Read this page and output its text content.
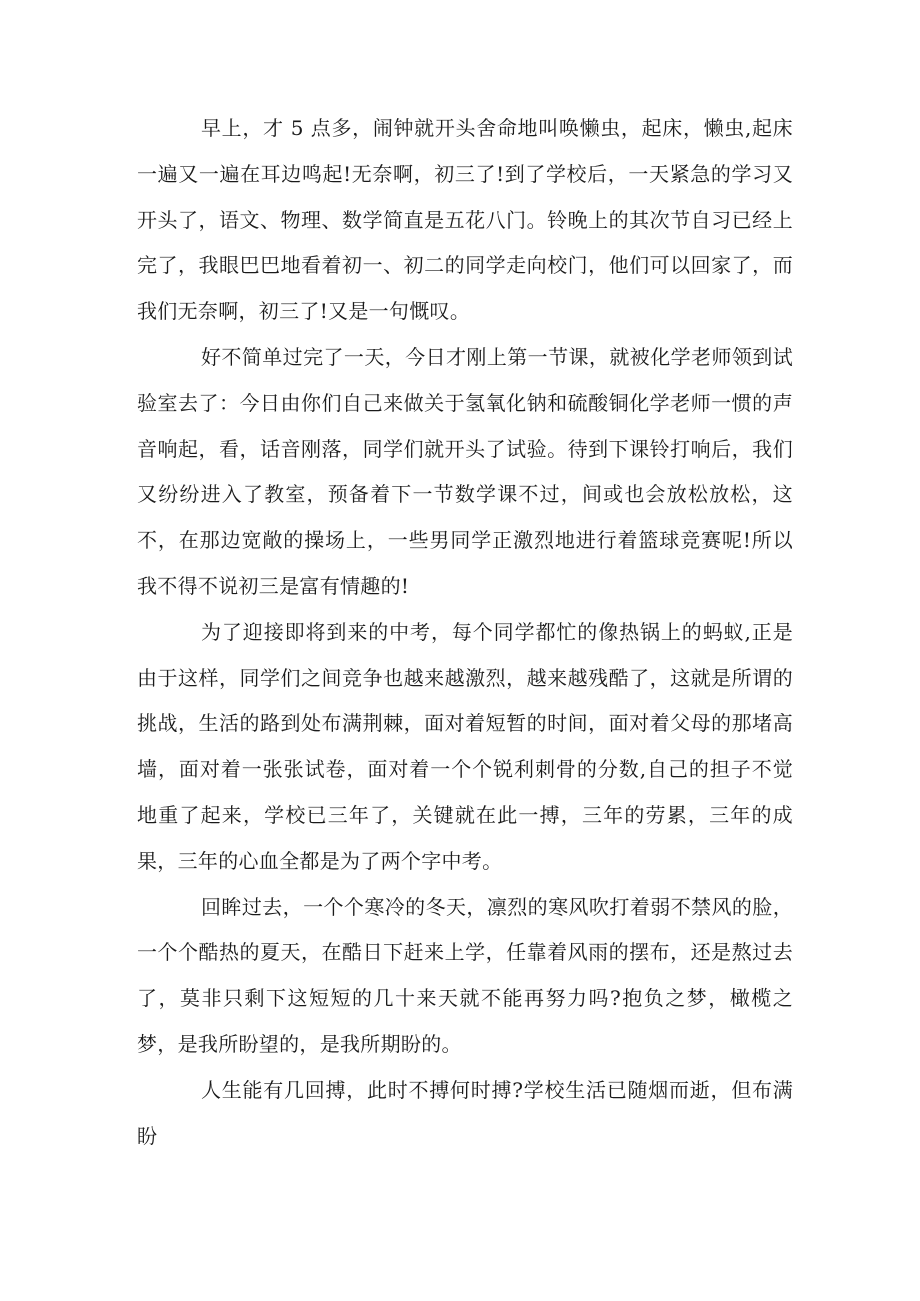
早上，才 5 点多，闹钟就开头舍命地叫唤懒虫，起床，懒虫,起床一遍又一遍在耳边鸣起!无奈啊，初三了!到了学校后，一天紧急的学习又开头了，语文、物理、数学简直是五花八门。铃晚上的其次节自习已经上完了，我眼巴巴地看着初一、初二的同学走向校门，他们可以回家了，而我们无奈啊，初三了!又是一句慨叹。

好不简单过完了一天，今日才刚上第一节课，就被化学老师领到试验室去了：今日由你们自己来做关于氢氧化钠和硫酸铜化学老师一惯的声音响起，看，话音刚落，同学们就开头了试验。待到下课铃打响后，我们又纷纷进入了教室，预备着下一节数学课不过，间或也会放松放松，这不，在那边宽敞的操场上，一些男同学正激烈地进行着篮球竞赛呢!所以我不得不说初三是富有情趣的!

为了迎接即将到来的中考，每个同学都忙的像热锅上的蚂蚁,正是由于这样，同学们之间竞争也越来越激烈，越来越残酷了，这就是所谓的挑战，生活的路到处布满荆棘，面对着短暂的时间，面对着父母的那堵高墙，面对着一张张试卷，面对着一个个锐利刺骨的分数,自己的担子不觉地重了起来，学校已三年了，关键就在此一搏，三年的劳累，三年的成果，三年的心血全都是为了两个字中考。

回眸过去，一个个寒冷的冬天，凛烈的寒风吹打着弱不禁风的脸，一个个酷热的夏天，在酷日下赶来上学，任靠着风雨的摆布，还是熬过去了，莫非只剩下这短短的几十来天就不能再努力吗?抱负之梦，橄榄之梦，是我所盼望的，是我所期盼的。

人生能有几回搏，此时不搏何时搏?学校生活已随烟而逝，但布满盼
